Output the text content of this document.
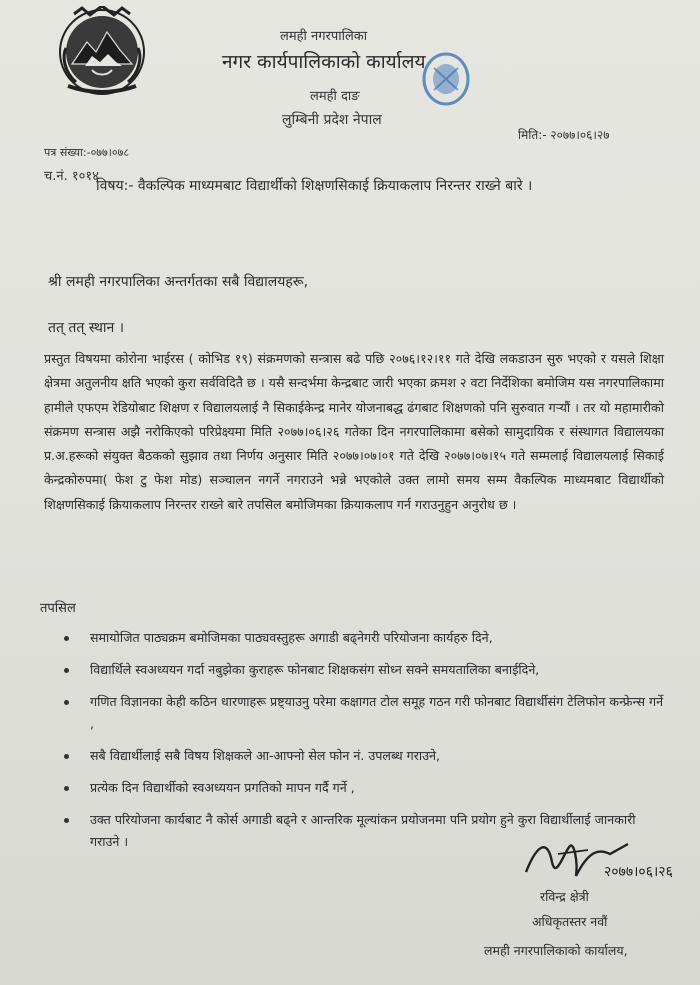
लमही नगरपालिका
नगर कार्यपालिकाको कार्यालय
लमही दाङ
लुम्बिनी प्रदेश नेपाल
मिति:- २०७७।०६।२७
पत्र संख्या:-०७७।०७८
च.नं. १०१४
विषय:- वैकल्पिक माध्यमबाट विद्यार्थीको शिक्षणसिकाई क्रियाकलाप निरन्तर राख्ने बारे ।
श्री लमही नगरपालिका अन्तर्गतका सबै विद्यालयहरू,
तत् तत् स्थान ।
प्रस्तुत विषयमा कोरोना भाईरस ( कोभिड १९) संक्रमणको सन्त्रास बढे पछि २०७६।१२।११ गते देखि लकडाउन सुरु भएको र यसले शिक्षा क्षेत्रमा अतुलनीय क्षति भएको कुरा सर्वविदितै छ । यसै सन्दर्भमा केन्द्रबाट जारी भएका क्रमश २ वटा निर्देशिका बमोजिम यस नगरपालिकामा हामीले एफएम रेडियोबाट शिक्षण र विद्यालयलाई नै सिकाईकेन्द्र मानेर योजनाबद्ध ढंगबाट शिक्षणको पनि सुरुवात गर्‍यौं । तर यो महामारीको संक्रमण सन्त्रास अझै नरोकिएको परिप्रेक्ष्यमा मिति २०७७।०६।२६ गतेका दिन नगरपालिकामा बसेको सामुदायिक र संस्थागत विद्यालयका प्र.अ.हरूको संयुक्त बैठकको सुझाव तथा निर्णय अनुसार मिति २०७७।०७।०१ गते देखि २०७७।०७।१५ गते सम्मलाई विद्यालयलाई सिकाई केन्द्रकोरुपमा( फेश टु फेश मोड) सञ्चालन नगर्ने नगराउने भन्ने भएकोले उक्त लामो समय सम्म वैकल्पिक माध्यमबाट विद्यार्थीको शिक्षणसिकाई क्रियाकलाप निरन्तर राख्ने बारे तपसिल बमोजिमका क्रियाकलाप गर्न गराउनुहुन अनुरोध छ ।
तपसिल
समायोजित पाठ्यक्रम बमोजिमका पाठ्यवस्तुहरू अगाडी बढ्नेगरी परियोजना कार्यहरु दिने,
विद्यार्थिले स्वअध्ययन गर्दा नबुझेका कुराहरू फोनबाट शिक्षकसंग सोध्न सक्ने समयतालिका बनाईदिने,
गणित विज्ञानका केही कठिन धारणाहरू प्रष्ट्याउनु परेमा कक्षागत टोल समूह गठन गरी फोनबाट विद्यार्थीसंग टेलिफोन कन्फ्रेन्स गर्ने ,
सबै विद्यार्थीलाई सबै विषय शिक्षकले आ-आफ्नो सेल फोन नं. उपलब्ध गराउने,
प्रत्येक दिन विद्यार्थीको स्वअध्ययन प्रगतिको मापन गर्दै गर्ने ,
उक्त परियोजना कार्यबाट नै कोर्स अगाडी बढ्ने र आन्तरिक मूल्यांकन प्रयोजनमा पनि प्रयोग हुने कुरा विद्यार्थीलाई जानकारी गराउने ।
२०७७।०६।२६
रविन्द्र क्षेत्री
अधिकृतस्तर नवौं
लमही नगरपालिकाको कार्यालय,
